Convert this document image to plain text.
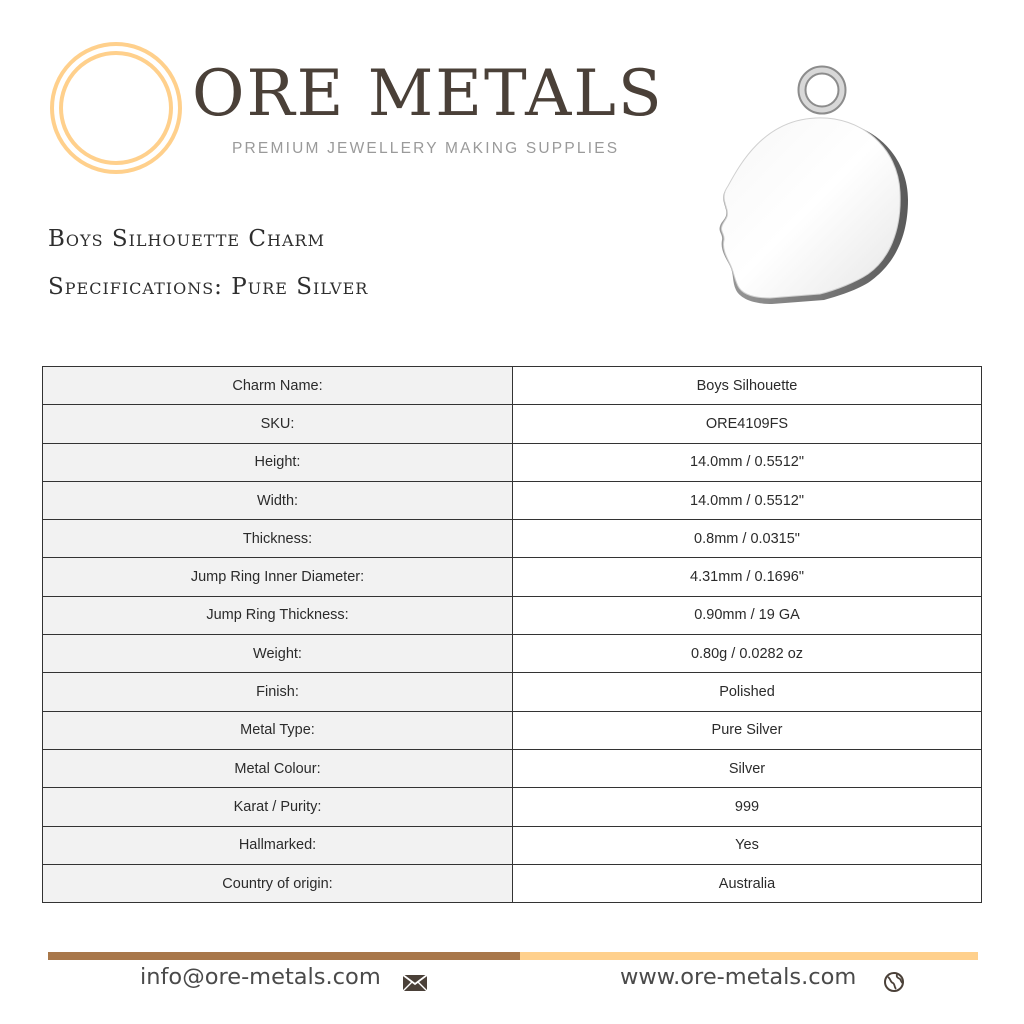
ORE METALS
PREMIUM JEWELLERY MAKING SUPPLIES
Boys Silhouette Charm
Specifications: Pure Silver
Charm Name:	Boys Silhouette
SKU:	ORE4109FS
Height:	14.0mm / 0.5512"
Width:	14.0mm / 0.5512"
Thickness:	0.8mm / 0.0315"
Jump Ring Inner Diameter:	4.31mm / 0.1696"
Jump Ring Thickness:	0.90mm / 19 GA
Weight:	0.80g / 0.0282 oz
Finish:	Polished
Metal Type:	Pure Silver
Metal Colour:	Silver
Karat / Purity:	999
Hallmarked:	Yes
Country of origin:	Australia
info@ore-metals.com	www.ore-metals.com
